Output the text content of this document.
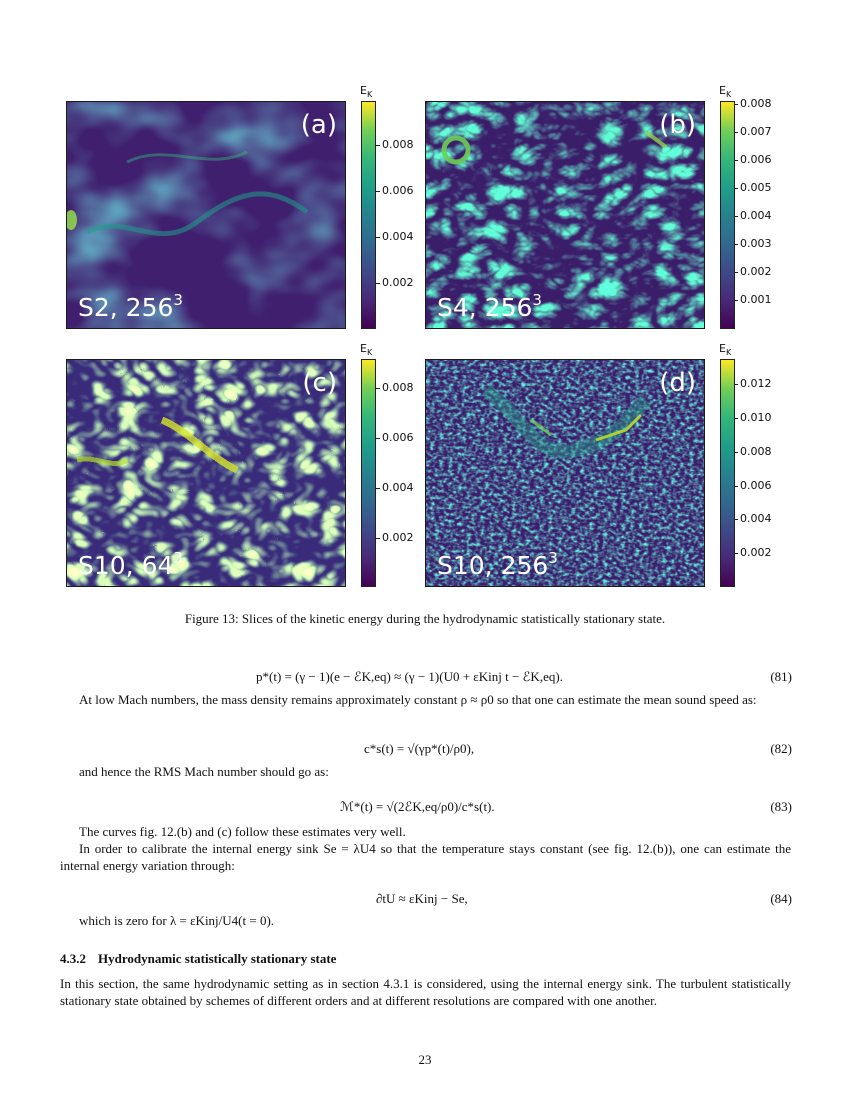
(a)
S2, $256^3$
$E_K$
0.008
0.006
0.004
0.002
(b)
S4, $256^3$
$E_K$
0.008
0.007
0.006
0.005
0.004
0.003
0.002
0.001
(c)
S10, $64^3$
$E_K$
0.008
0.006
0.004
0.002
(d)
S10, $256^3$
$E_K$
0.012
0.010
0.008
0.006
0.004
0.002
Figure 13: Slices of the kinetic energy during the hydrodynamic statistically stationary state.
p*(t) = (γ − 1)(e − ℰK,eq) ≈ (γ − 1)(U0 + εKinj t − ℰK,eq).	(81)
At low Mach numbers, the mass density remains approximately constant ρ ≈ ρ0 so that one can estimate the mean sound speed as:
c*s(t) = √(γp*(t)/ρ0),	(82)
and hence the RMS Mach number should go as:
ℳ*(t) = √(2ℰK,eq/ρ0)/c*s(t).	(83)
The curves fig. 12.(b) and (c) follow these estimates very well.
In order to calibrate the internal energy sink Se = λU4 so that the temperature stays constant (see fig. 12.(b)), one can estimate the internal energy variation through:
∂tU ≈ εKinj − Se,	(84)
which is zero for λ = εKinj/U4(t = 0).
4.3.2 Hydrodynamic statistically stationary state
In this section, the same hydrodynamic setting as in section 4.3.1 is considered, using the internal energy sink. The turbulent statistically stationary state obtained by schemes of different orders and at different resolutions are compared with one another.
23
